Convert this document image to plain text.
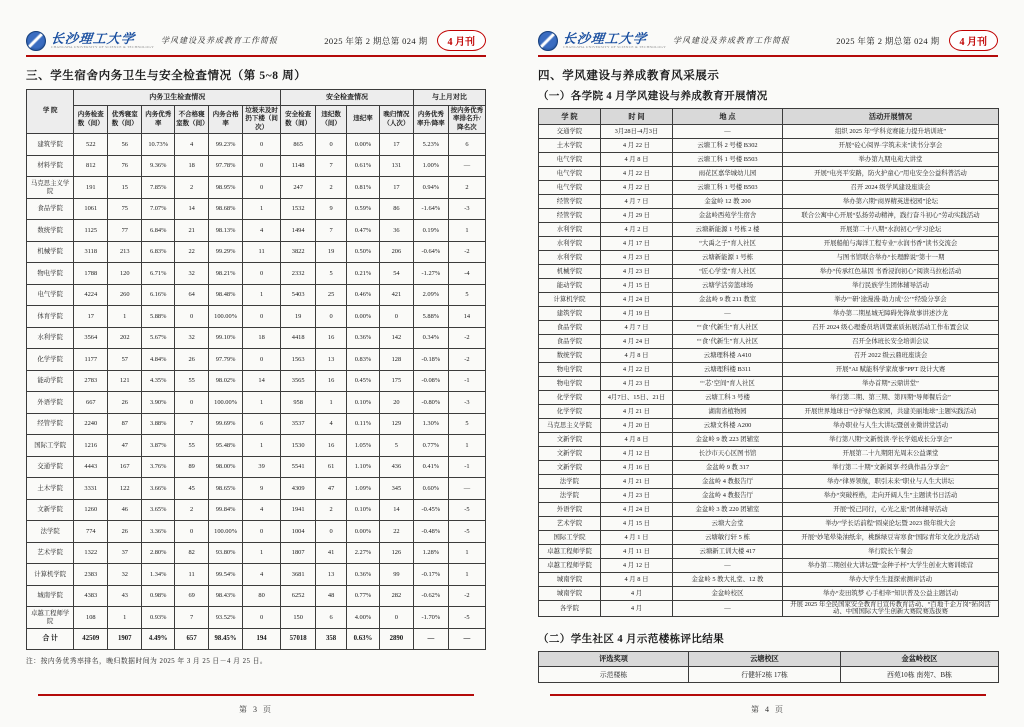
长沙理工大学
CHANGSHA UNIVERSITY OF SCIENCE & TECHNOLOGY
学风建设及养成教育工作简报	2025 年第 2 期总第 024 期	4 月刊
三、学生宿舍内务卫生与安全检查情况（第 5~8 周）
学 院	内务卫生检查情况						安全检查情况				与上月对比	
	内务检查数（间）	优秀寝室数（间）	内务优秀率	不合格寝室数（间）	内务合格率	垃圾未及时扔下楼（间次）	安全检查数（间）	违纪数（间）	违纪率	晚归情况（人次）	内务优秀率升/降率	按内务优秀率排名升/降名次
建筑学院	522	56	10.73%	4	99.23%	0	865	0	0.00%	17	5.23%	6
材料学院	812	76	9.36%	18	97.78%	0	1148	7	0.61%	131	1.00%	—
马克思主义学院	191	15	7.85%	2	98.95%	0	247	2	0.81%	17	0.94%	2
食品学院	1061	75	7.07%	14	98.68%	1	1532	9	0.59%	86	-1.64%	-3
数统学院	1125	77	6.84%	21	98.13%	4	1494	7	0.47%	36	0.19%	1
机械学院	3118	213	6.83%	22	99.29%	11	3822	19	0.50%	206	-0.64%	-2
物电学院	1788	120	6.71%	32	98.21%	0	2332	5	0.21%	54	-1.27%	-4
电气学院	4224	260	6.16%	64	98.48%	1	5403	25	0.46%	421	2.09%	5
体育学院	17	1	5.88%	0	100.00%	0	19	0	0.00%	0	5.88%	14
水利学院	3564	202	5.67%	32	99.10%	18	4418	16	0.36%	142	0.34%	-2
化学学院	1177	57	4.84%	26	97.79%	0	1563	13	0.83%	128	-0.18%	-2
能动学院	2783	121	4.35%	55	98.02%	14	3565	16	0.45%	175	-0.08%	-1
外语学院	667	26	3.90%	0	100.00%	1	958	1	0.10%	20	-0.80%	-3
经管学院	2240	87	3.88%	7	99.69%	6	3537	4	0.11%	129	1.30%	5
国际工学院	1216	47	3.87%	55	95.48%	1	1530	16	1.05%	5	0.77%	1
交通学院	4443	167	3.76%	89	98.00%	39	5541	61	1.10%	436	0.41%	-1
土木学院	3331	122	3.66%	45	98.65%	9	4309	47	1.09%	345	0.60%	—
文新学院	1260	46	3.65%	2	99.84%	4	1941	2	0.10%	14	-0.45%	-5
法学院	774	26	3.36%	0	100.00%	0	1004	0	0.00%	22	-0.48%	-5
艺术学院	1322	37	2.80%	82	93.80%	1	1807	41	2.27%	126	1.28%	1
计算机学院	2383	32	1.34%	11	99.54%	4	3681	13	0.36%	99	-0.17%	1
城南学院	4383	43	0.98%	69	98.43%	80	6252	48	0.77%	282	-0.62%	-2
卓越工程师学院	108	1	0.93%	7	93.52%	0	150	6	4.00%	0	-1.70%	-5
合 计	42509	1907	4.49%	657	98.45%	194	57018	358	0.63%	2890	—	—
注：按内务优秀率排名，晚归数据时间为 2025 年 3 月 25 日－4 月 25 日。
第 3 页
长沙理工大学
CHANGSHA UNIVERSITY OF SCIENCE & TECHNOLOGY
学风建设及养成教育工作简报	2025 年第 2 期总第 024 期	4 月刊
四、学风建设与养成教育风采展示
（一）各学院 4 月学风建设与养成教育开展情况
学 院	时 间	地 点	活动开展情况
交通学院	3月28日-4月3日	—	组织 2025 年“学科竞赛能力提升培训班”
土木学院	4 月 22 日	云塘工科 2 号楼 B302	开展“砼心阅界·字筑未来”读书分享会
电气学院	4 月 8 日	云塘工科 1 号楼 B503	举办第九期电苑大讲堂
电气学院	4 月 22 日	雨花区嘉华城幼儿园	开展“电亮平安路，防火护童心”用电安全公益科普活动
电气学院	4 月 22 日	云塘工科 1 号楼 B503	召开 2024 级学风建设座谈会
经管学院	4 月 7 日	金盆岭 12 教 200	举办第六期“商界精英进校园”论坛
经管学院	4 月 29 日	金盆岭西苑学生宿舍	联合公寓中心开展“弘扬劳动精神，践行奋斗初心”劳动实践活动
水利学院	4 月 2 日	云塘新能源 1 号栋 2 楼	开展第二十八期“水润初心”学习论坛
水利学院	4 月 17 日	“大禹之子”育人社区	开展船舶与海洋工程专业“水润书香”读书交流会
水利学院	4 月 23 日	云塘新能源 1 号栋	与图书馆联合举办“长理醉说”第十一期
机械学院	4 月 23 日	“匠心学堂”育人社区	举办“传承红色基因 书香浸润初心”阅读马拉松活动
能动学院	4 月 15 日	云塘学活旁篮球场	举行民族学生团体辅导活动
计算机学院	4 月 24 日	金盆岭 9 教 211 教室	举办“‘研’途漫漫·助力成‘公’”经验分享会
建筑学院	4 月 19 日	—	举办第二期星城无障碍先锋故事讲述沙龙
食品学院	4 月 7 日	“‘食’代新生”育人社区	召开 2024 级心理委员培训暨素质拓展活动工作布置会议
食品学院	4 月 24 日	“‘食’代新生”育人社区	召开全体班长安全培训会议
数统学院	4 月 8 日	云塘理科楼 A410	召开 2022 级云鼎班座谈会
物电学院	4 月 22 日	云塘理科楼 B311	开展“AI 赋能科学家故事”PPT 设计大赛
物电学院	4 月 23 日	“‘芯’空间”育人社区	举办首期“云鼎讲堂”
化学学院	4月7日、15日、21日	云塘工科 3 号楼	举行第二期、第三期、第四期“导师餐后会”
化学学院	4 月 21 日	湖南省植物园	开展世界地球日“守护绿色家园，共建美丽地球”主题实践活动
马克思主义学院	4 月 20 日	云塘文科楼 A200	举办职业与人生大讲坛暨创业微讲堂活动
文新学院	4 月 8 日	金盆岭 9 教 223 团辅室	举行第八期“文新悦读·学长学姐成长分享会”
文新学院	4 月 12 日	长沙市天心区图书馆	开展第二十九期阳光周末公益课堂
文新学院	4 月 16 日	金盆岭 9 教 317	举行第二十期“文新阅享·经典作品分享会”
法学院	4 月 21 日	金盆岭 4 教报告厅	举办“律界领航，职引未来”职业与人生大讲坛
法学院	4 月 23 日	金盆岭 4 教报告厅	举办“突破桎梏，走向开阔人生”主题读书日活动
外语学院	4 月 24 日	金盆岭 3 教 220 团辅室	开展“悦己同行，心光之旅”团体辅导活动
艺术学院	4 月 15 日	云塘大会堂	举办“学长话前程”圆桌论坛暨 2023 级年级大会
国际工学院	4 月 1 日	云塘敏行轩 5 栋	开展“妙笔晕染油纸伞，桃酥绿豆寄寒食”国际青年文化沙龙活动
卓越工程师学院	4 月 11 日	云塘新工训大楼 417	举行院长午餐会
卓越工程师学院	4 月 12 日	—	举办第二期创业大讲坛暨“金种子杯”大学生创业大赛训练营
城南学院	4 月 8 日	金盆岭 5 教大礼堂、12 教	举办大学生生涯探索测评活动
城南学院	4 月	金盆岭校区	举办“麦田筑梦 心手相牵”知识普及公益主题活动
各学院	4 月	—	开展 2025 年全民国家安全教育日宣传教育活动、“百地千企万岗”拓岗活动、中国国际大学生创新大赛院赛选拔赛
（二）学生社区 4 月示范楼栋评比结果
评选奖项	云塘校区	金盆岭校区
示范楼栋	行健轩2栋 17栋	西苑10栋 南苑7、B栋
第 4 页
